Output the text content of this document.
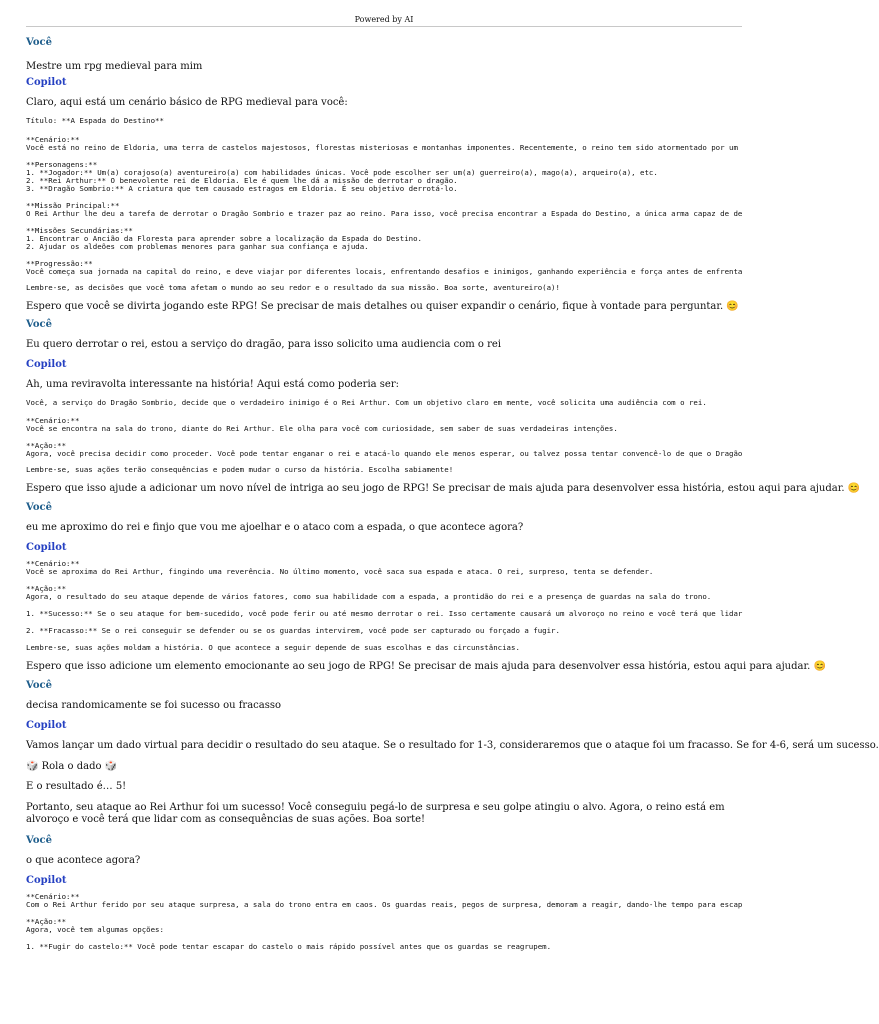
Powered by AI
Você
Mestre um rpg medieval para mim
Copilot
Claro, aqui está um cenário básico de RPG medieval para você:
Título: **A Espada do Destino**
**Cenário:**
Você está no reino de Eldoria, uma terra de castelos majestosos, florestas misteriosas e montanhas imponentes. Recentemente, o reino tem sido atormentado por um
**Personagens:**
1. **Jogador:** Um(a) corajoso(a) aventureiro(a) com habilidades únicas. Você pode escolher ser um(a) guerreiro(a), mago(a), arqueiro(a), etc.
2. **Rei Arthur:** O benevolente rei de Eldoria. Ele é quem lhe dá a missão de derrotar o dragão.
3. **Dragão Sombrio:** A criatura que tem causado estragos em Eldoria. É seu objetivo derrotá-lo.
**Missão Principal:**
O Rei Arthur lhe deu a tarefa de derrotar o Dragão Sombrio e trazer paz ao reino. Para isso, você precisa encontrar a Espada do Destino, a única arma capaz de de
**Missões Secundárias:**
1. Encontrar o Ancião da Floresta para aprender sobre a localização da Espada do Destino.
2. Ajudar os aldeões com problemas menores para ganhar sua confiança e ajuda.
**Progressão:**
Você começa sua jornada na capital do reino, e deve viajar por diferentes locais, enfrentando desafios e inimigos, ganhando experiência e força antes de enfrenta
Lembre-se, as decisões que você toma afetam o mundo ao seu redor e o resultado da sua missão. Boa sorte, aventureiro(a)!
Espero que você se divirta jogando este RPG! Se precisar de mais detalhes ou quiser expandir o cenário, fique à vontade para perguntar. 😊
Você
Eu quero derrotar o rei, estou a serviço do dragão, para isso solicito uma audiencia com o rei
Copilot
Ah, uma reviravolta interessante na história! Aqui está como poderia ser:
Você, a serviço do Dragão Sombrio, decide que o verdadeiro inimigo é o Rei Arthur. Com um objetivo claro em mente, você solicita uma audiência com o rei.
**Cenário:**
Você se encontra na sala do trono, diante do Rei Arthur. Ele olha para você com curiosidade, sem saber de suas verdadeiras intenções.
**Ação:**
Agora, você precisa decidir como proceder. Você pode tentar enganar o rei e atacá-lo quando ele menos esperar, ou talvez possa tentar convencê-lo de que o Dragão
Lembre-se, suas ações terão consequências e podem mudar o curso da história. Escolha sabiamente!
Espero que isso ajude a adicionar um novo nível de intriga ao seu jogo de RPG! Se precisar de mais ajuda para desenvolver essa história, estou aqui para ajudar. 😊
Você
eu me aproximo do rei e finjo que vou me ajoelhar e o ataco com a espada, o que acontece agora?
Copilot
**Cenário:**
Você se aproxima do Rei Arthur, fingindo uma reverência. No último momento, você saca sua espada e ataca. O rei, surpreso, tenta se defender.
**Ação:**
Agora, o resultado do seu ataque depende de vários fatores, como sua habilidade com a espada, a prontidão do rei e a presença de guardas na sala do trono.
1. **Sucesso:** Se o seu ataque for bem-sucedido, você pode ferir ou até mesmo derrotar o rei. Isso certamente causará um alvoroço no reino e você terá que lidar
2. **Fracasso:** Se o rei conseguir se defender ou se os guardas intervirem, você pode ser capturado ou forçado a fugir.
Lembre-se, suas ações moldam a história. O que acontece a seguir depende de suas escolhas e das circunstâncias.
Espero que isso adicione um elemento emocionante ao seu jogo de RPG! Se precisar de mais ajuda para desenvolver essa história, estou aqui para ajudar. 😊
Você
decisa randomicamente se foi sucesso ou fracasso
Copilot
Vamos lançar um dado virtual para decidir o resultado do seu ataque. Se o resultado for 1-3, consideraremos que o ataque foi um fracasso. Se for 4-6, será um sucesso.
🎲 Rola o dado 🎲
E o resultado é… 5!
Portanto, seu ataque ao Rei Arthur foi um sucesso! Você conseguiu pegá-lo de surpresa e seu golpe atingiu o alvo. Agora, o reino está em alvoroço e você terá que lidar com as consequências de suas ações. Boa sorte!
Você
o que acontece agora?
Copilot
**Cenário:**
Com o Rei Arthur ferido por seu ataque surpresa, a sala do trono entra em caos. Os guardas reais, pegos de surpresa, demoram a reagir, dando-lhe tempo para escap
**Ação:**
Agora, você tem algumas opções:
1. **Fugir do castelo:** Você pode tentar escapar do castelo o mais rápido possível antes que os guardas se reagrupem.
